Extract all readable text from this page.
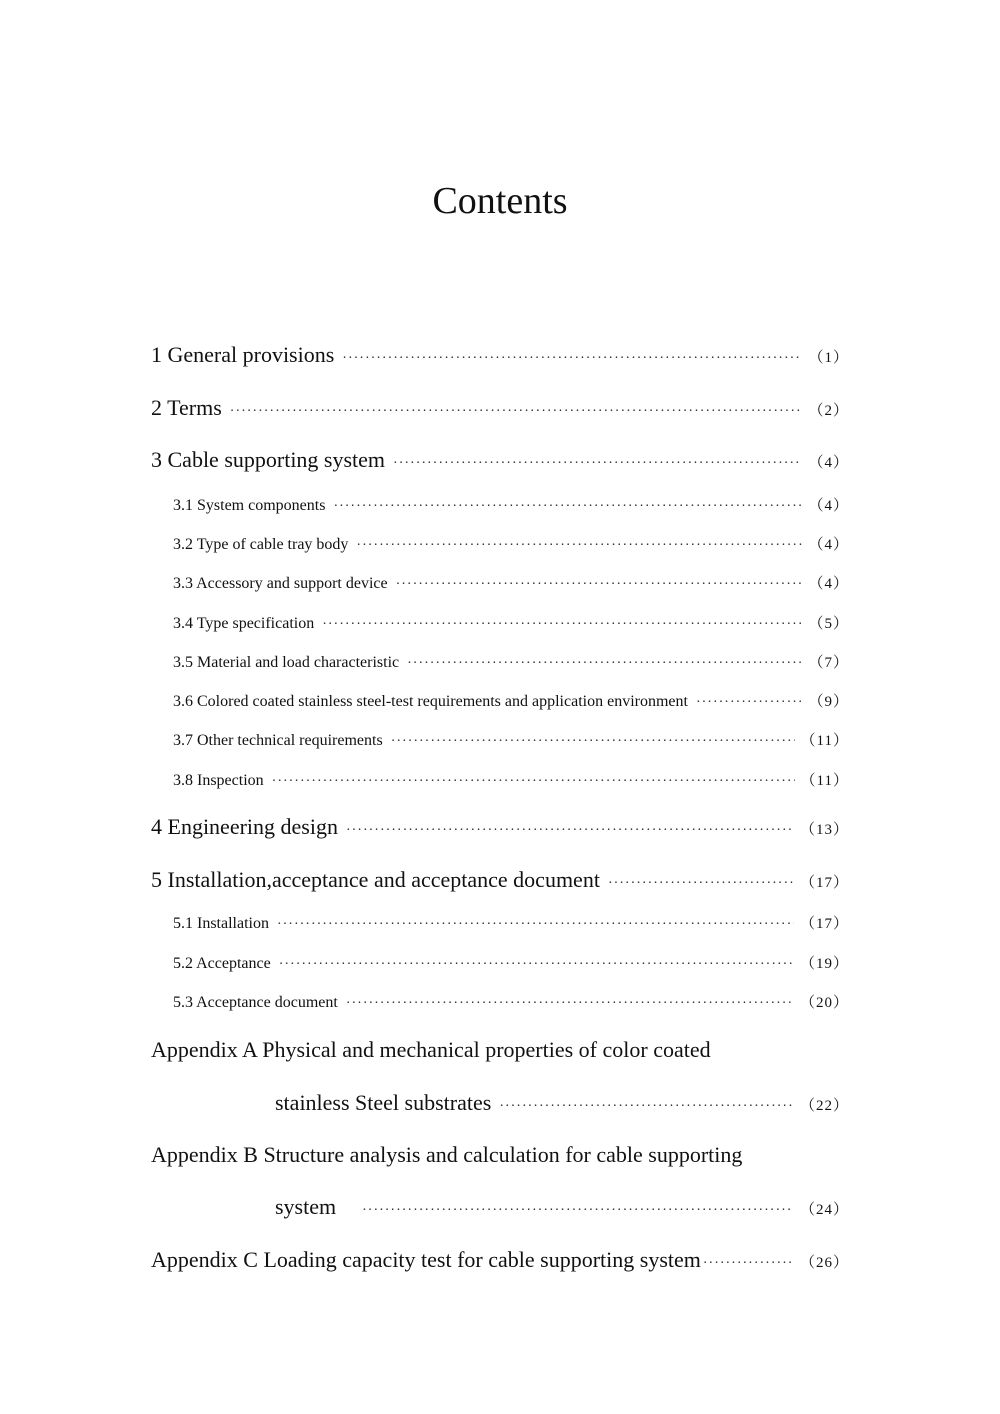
Contents
1 General provisions ·····	（1）
2 Terms ·····	（2）
3 Cable supporting system ·····	（4）
3.1 System components ·····	（4）
3.2 Type of cable tray body ·····	（4）
3.3 Accessory and support device ·····	（4）
3.4 Type specification ·····	（5）
3.5 Material and load characteristic ·····	（7）
3.6 Colored coated stainless steel-test requirements and application environment ·····	（9）
3.7 Other technical requirements ·····	（11）
3.8 Inspection ·····	（11）
4 Engineering design ·····	（13）
5 Installation,acceptance and acceptance document ·····	（17）
5.1 Installation ·····	（17）
5.2 Acceptance ·····	（19）
5.3 Acceptance document ·····	（20）
Appendix A Physical and mechanical properties of color coated
stainless Steel substrates ·····	（22）
Appendix B Structure analysis and calculation for cable supporting
system ·····	（24）
Appendix C Loading capacity test for cable supporting system ·····	（26）
